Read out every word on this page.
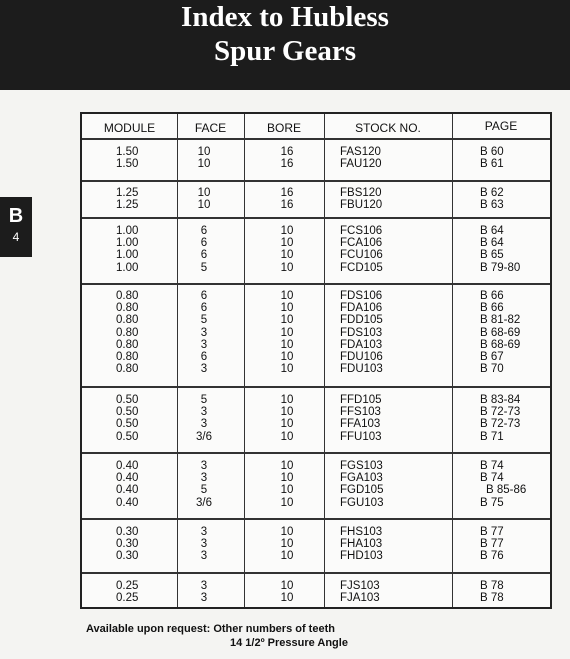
Index to Hubless
Spur Gears
B
4
MODULE	FACE	BORE	STOCK NO.	PAGE
1.50	10	16	FAS120	B 60
1.50	10	16	FAU120	B 61
1.25	10	16	FBS120	B 62
1.25	10	16	FBU120	B 63
1.00	6	10	FCS106	B 64
1.00	6	10	FCA106	B 64
1.00	6	10	FCU106	B 65
1.00	5	10	FCD105	B 79-80
0.80	6	10	FDS106	B 66
0.80	6	10	FDA106	B 66
0.80	5	10	FDD105	B 81-82
0.80	3	10	FDS103	B 68-69
0.80	3	10	FDA103	B 68-69
0.80	6	10	FDU106	B 67
0.80	3	10	FDU103	B 70
0.50	5	10	FFD105	B 83-84
0.50	3	10	FFS103	B 72-73
0.50	3	10	FFA103	B 72-73
0.50	3/6	10	FFU103	B 71
0.40	3	10	FGS103	B 74
0.40	3	10	FGA103	B 74
0.40	5	10	FGD105	B 85-86
0.40	3/6	10	FGU103	B 75
0.30	3	10	FHS103	B 77
0.30	3	10	FHA103	B 77
0.30	3	10	FHD103	B 76
0.25	3	10	FJS103	B 78
0.25	3	10	FJA103	B 78
Available upon request: Other numbers of teeth
14 1/2º Pressure Angle
